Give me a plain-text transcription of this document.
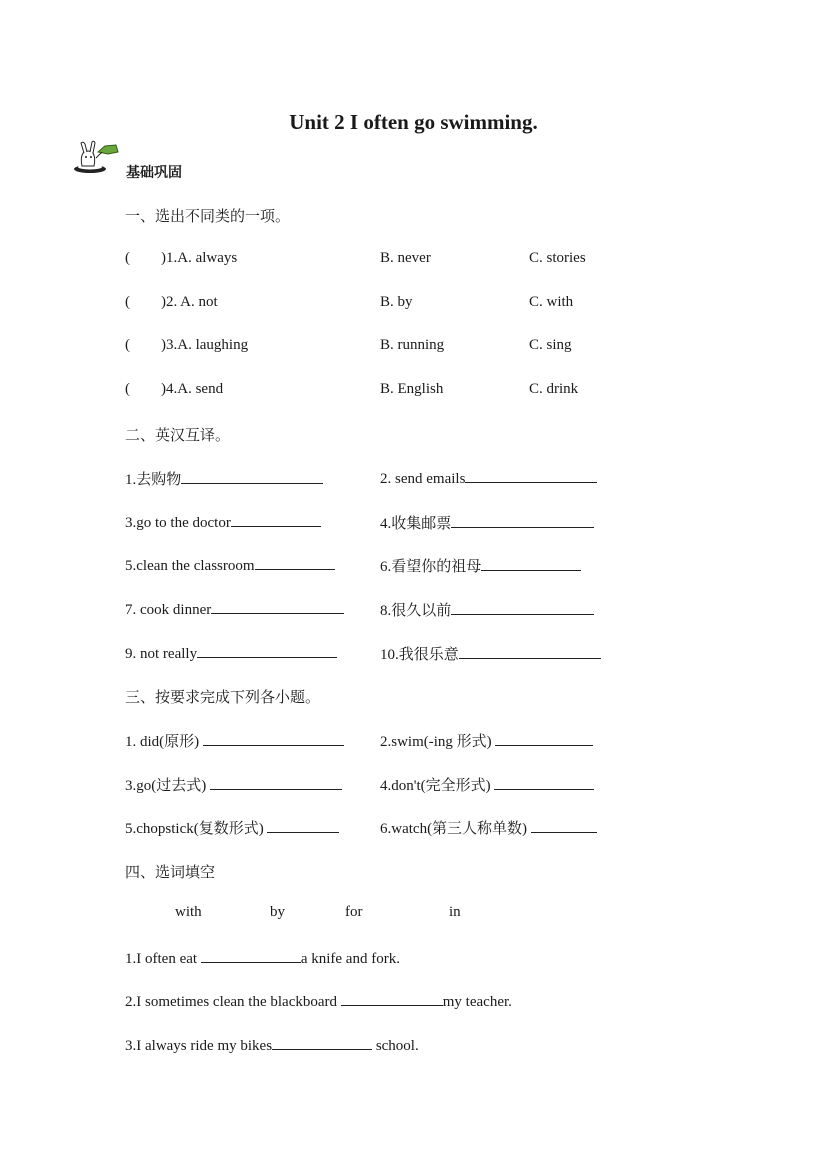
Unit 2 I often go swimming.
基础巩固
一、选出不同类的一项。
( )1.A. always	B. never	C. stories
( )2. A. not	B. by	C. with
( )3.A. laughing	B. running	C. sing
( )4.A. send	B. English	C. drink
二、英汉互译。
1.去购物	2. send emails
3.go to the doctor	4.收集邮票
5.clean the classroom	6.看望你的祖母
7. cook dinner	8.很久以前
9. not really	10.我很乐意
三、按要求完成下列各小题。
1. did(原形)	2.swim(-ing 形式)
3.go(过去式)	4.don't(完全形式)
5.chopstick(复数形式)	6.watch(第三人称单数)
四、选词填空
with	by	for	in
1.I often eat	a knife and fork.
2.I sometimes clean the blackboard	my teacher.
3.I always ride my bikes	school.
